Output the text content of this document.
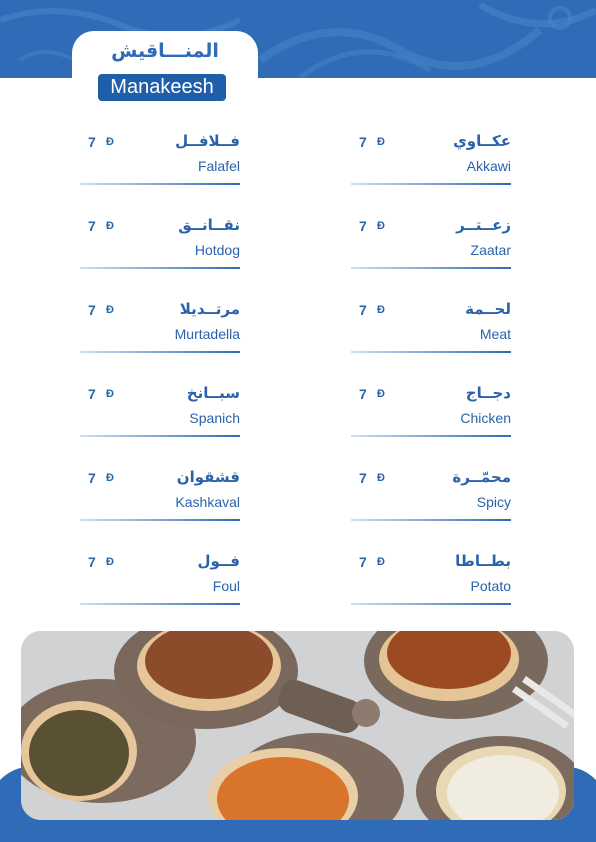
المنـــاقيش
Manakeesh
7 Đ	فــلافــل
Falafel
7 Đ	نقــانــق
Hotdog
7 Đ	مرتــديلا
Murtadella
7 Đ	سبــانخ
Spanich
7 Đ	قشقوان
Kashkaval
7 Đ	فــول
Foul
7 Đ	عكــاوي
Akkawi
7 Đ	زعــتــر
Zaatar
7 Đ	لحــمة
Meat
7 Đ	دجــاج
Chicken
7 Đ	محمّــرة
Spicy
7 Đ	بطــاطا
Potato
